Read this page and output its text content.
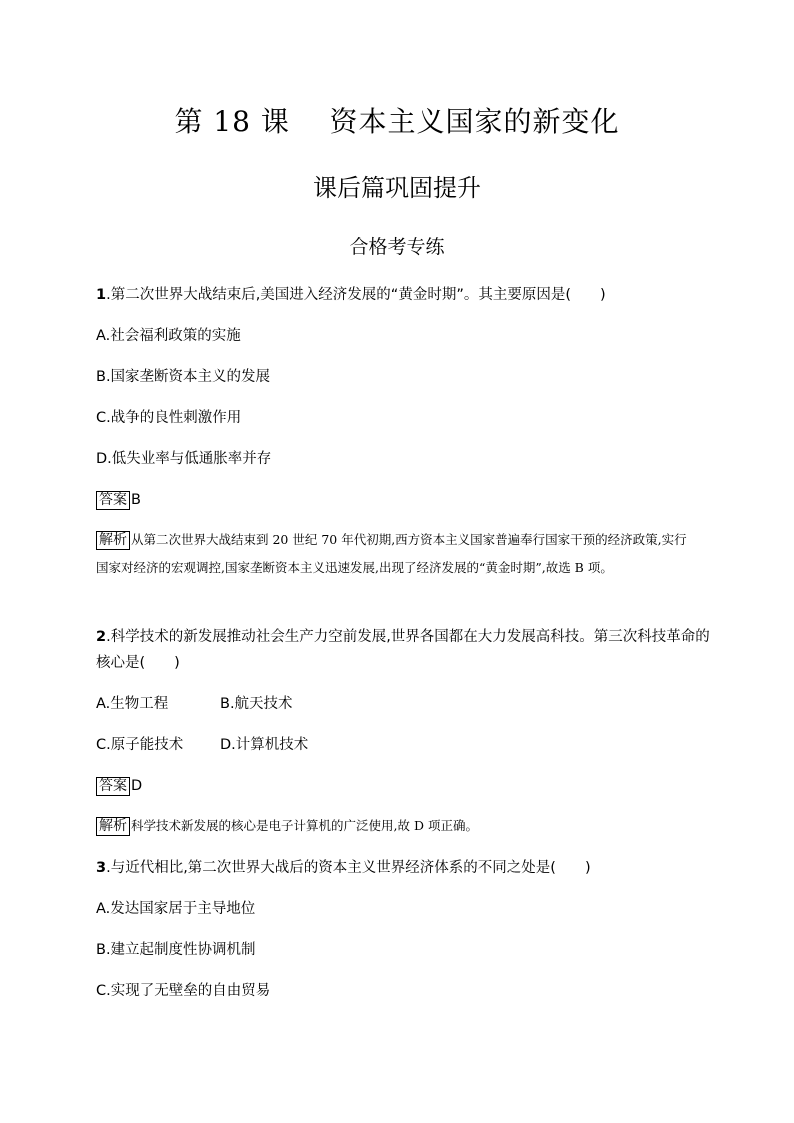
第 18 课    资本主义国家的新变化
课后篇巩固提升
合格考专练
1.第二次世界大战结束后,美国进入经济发展的“黄金时期”。其主要原因是(　　)
A.社会福利政策的实施
B.国家垄断资本主义的发展
C.战争的良性刺激作用
D.低失业率与低通胀率并存
答案 B
解析 从第二次世界大战结束到 20 世纪 70 年代初期,西方资本主义国家普遍奉行国家干预的经济政策,实行国家对经济的宏观调控,国家垄断资本主义迅速发展,出现了经济发展的“黄金时期”,故选 B 项。
2.科学技术的新发展推动社会生产力空前发展,世界各国都在大力发展高科技。第三次科技革命的
核心是(　　)
A.生物工程	B.航天技术
C.原子能技术	D.计算机技术
答案 D
解析 科学技术新发展的核心是电子计算机的广泛使用,故 D 项正确。
3.与近代相比,第二次世界大战后的资本主义世界经济体系的不同之处是(　　)
A.发达国家居于主导地位
B.建立起制度性协调机制
C.实现了无壁垒的自由贸易
